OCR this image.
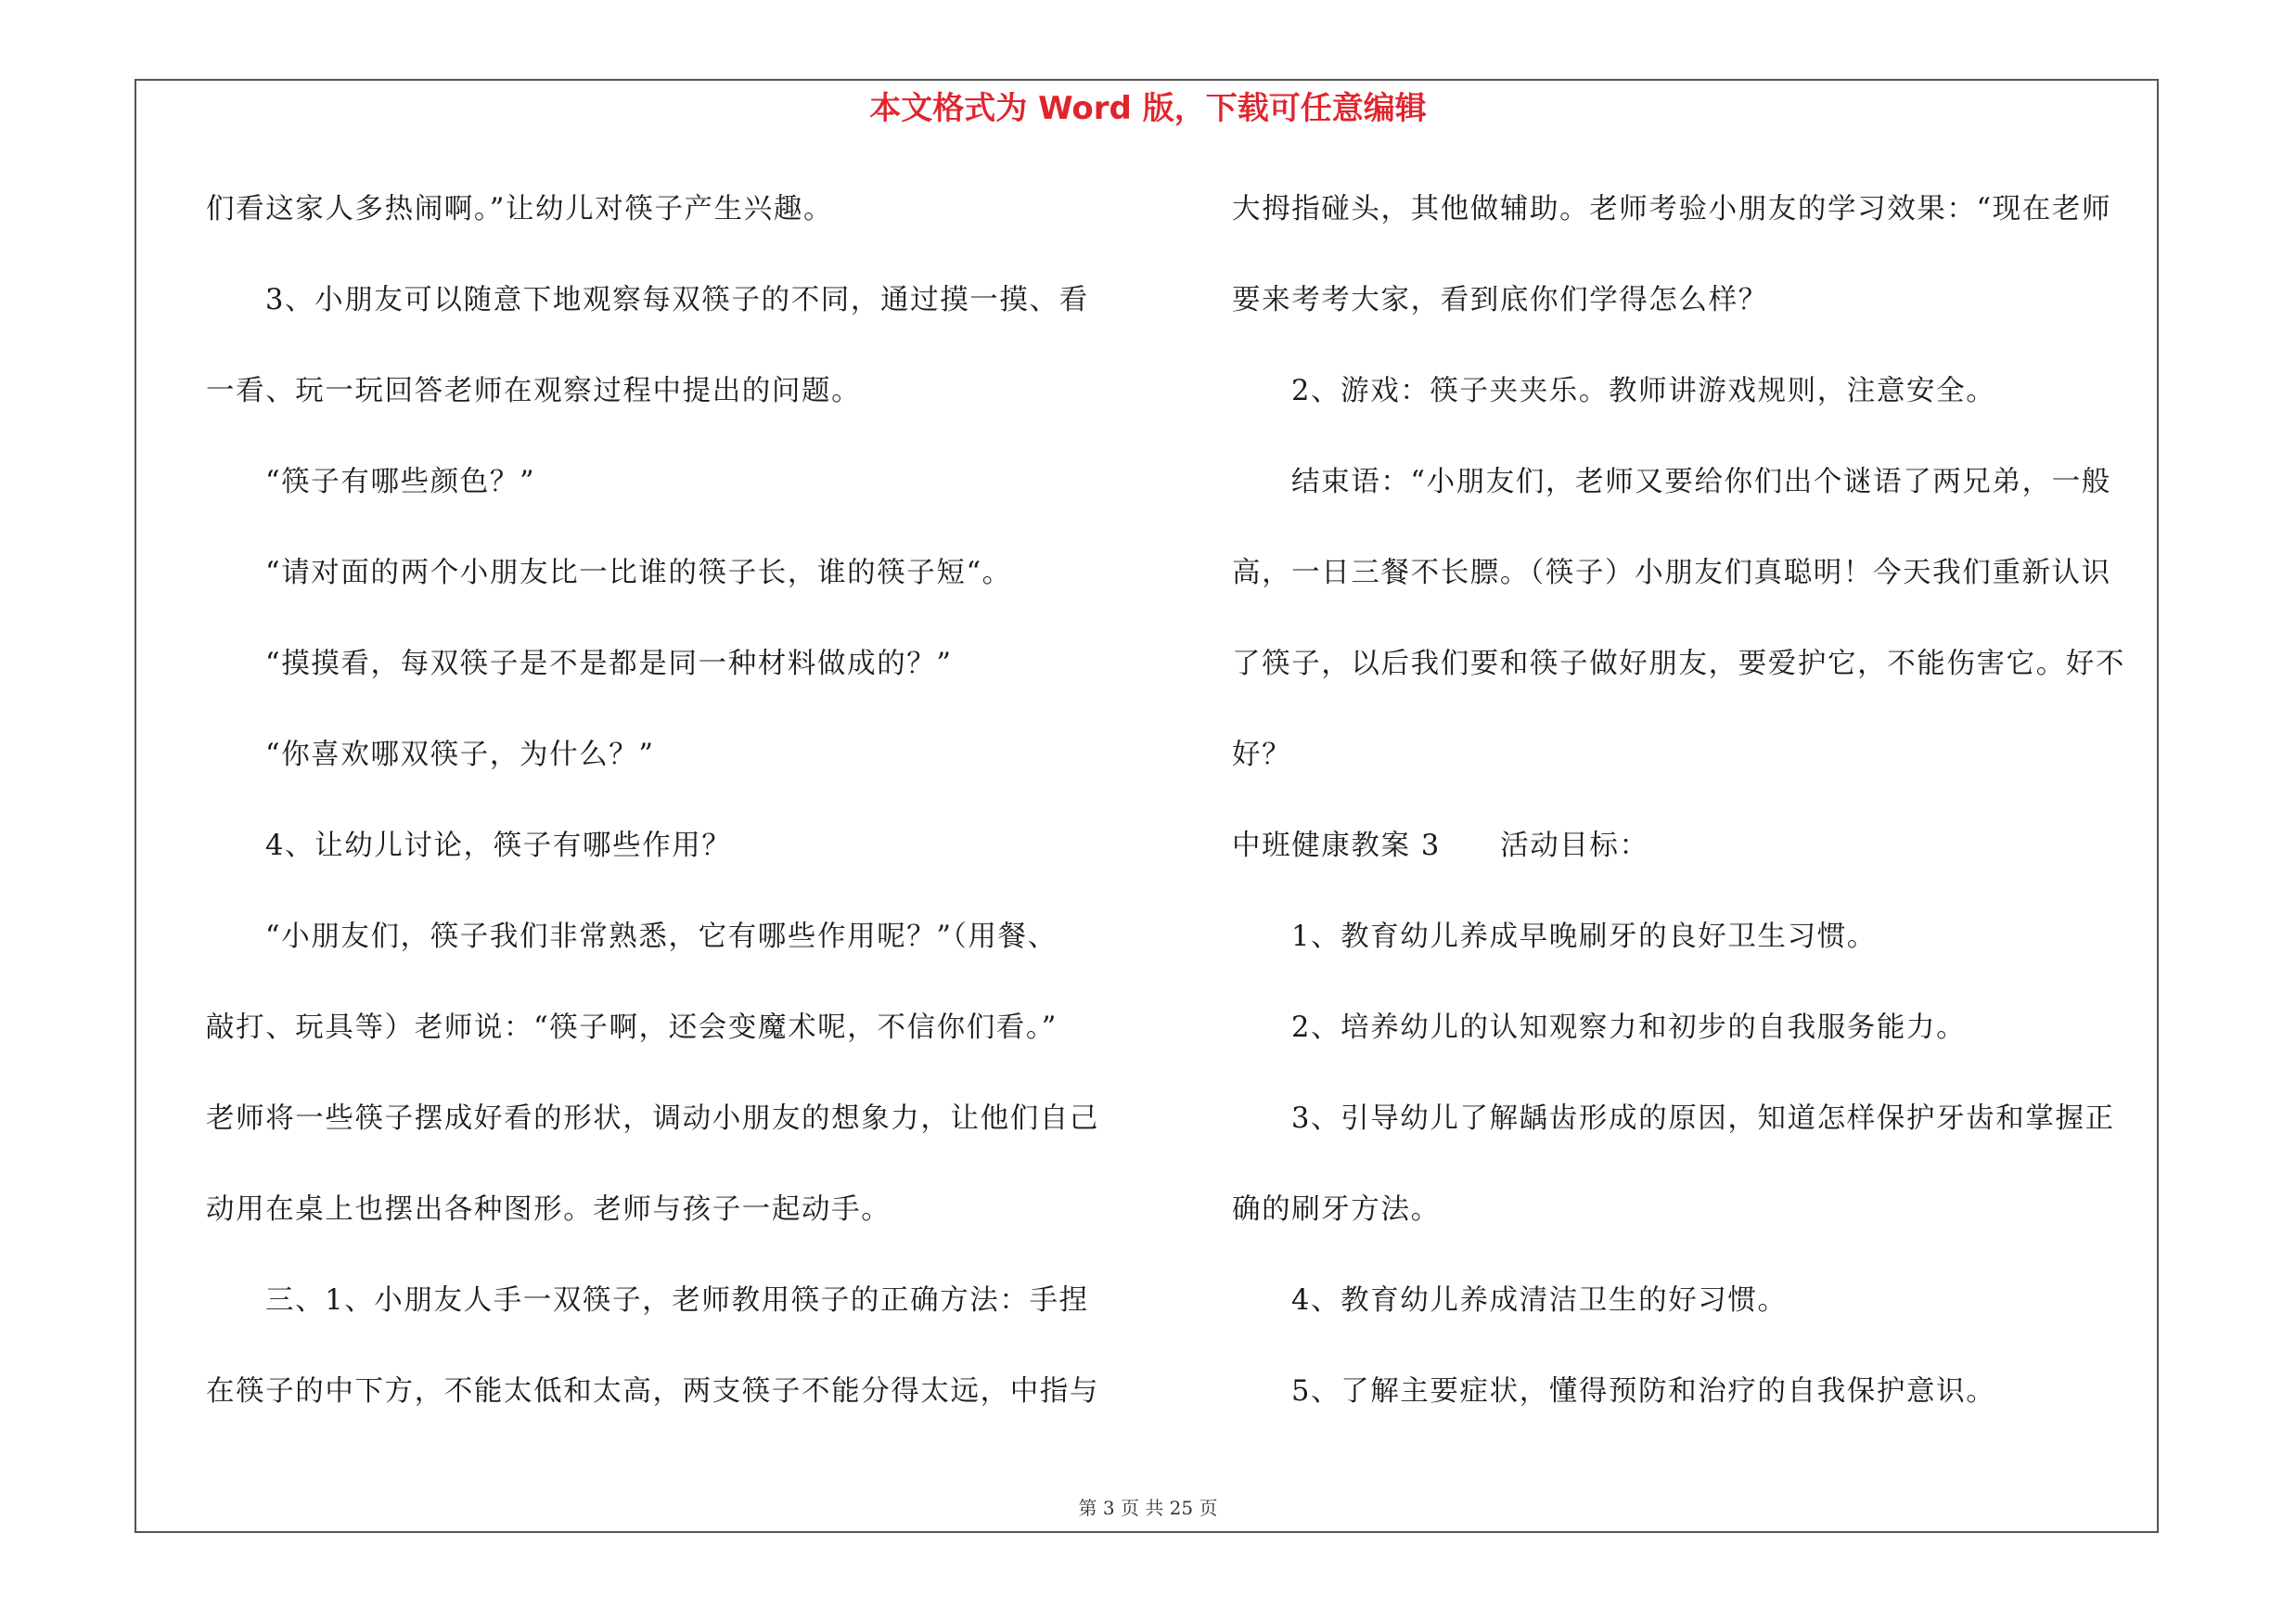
本文格式为 Word 版，下载可任意编辑
们看这家人多热闹啊。”让幼儿对筷子产生兴趣。
3、小朋友可以随意下地观察每双筷子的不同，通过摸一摸、看
一看、玩一玩回答老师在观察过程中提出的问题。
“筷子有哪些颜色？”
“请对面的两个小朋友比一比谁的筷子长，谁的筷子短“。
“摸摸看，每双筷子是不是都是同一种材料做成的？”
“你喜欢哪双筷子，为什么？”
4、让幼儿讨论，筷子有哪些作用？
“小朋友们，筷子我们非常熟悉，它有哪些作用呢？”（用餐、
敲打、玩具等）老师说：“筷子啊，还会变魔术呢，不信你们看。”
老师将一些筷子摆成好看的形状，调动小朋友的想象力，让他们自己
动用在桌上也摆出各种图形。老师与孩子一起动手。
三、1、小朋友人手一双筷子，老师教用筷子的正确方法：手捏
在筷子的中下方，不能太低和太高，两支筷子不能分得太远，中指与
大拇指碰头，其他做辅助。老师考验小朋友的学习效果：“现在老师
要来考考大家，看到底你们学得怎么样？
2、游戏：筷子夹夹乐。教师讲游戏规则，注意安全。
结束语：“小朋友们，老师又要给你们出个谜语了两兄弟，一般
高，一日三餐不长膘。（筷子）小朋友们真聪明！今天我们重新认识
了筷子，以后我们要和筷子做好朋友，要爱护它，不能伤害它。好不
好？
中班健康教案 3　　活动目标：
1、教育幼儿养成早晚刷牙的良好卫生习惯。
2、培养幼儿的认知观察力和初步的自我服务能力。
3、引导幼儿了解龋齿形成的原因，知道怎样保护牙齿和掌握正
确的刷牙方法。
4、教育幼儿养成清洁卫生的好习惯。
5、了解主要症状，懂得预防和治疗的自我保护意识。
第 3 页 共 25 页
